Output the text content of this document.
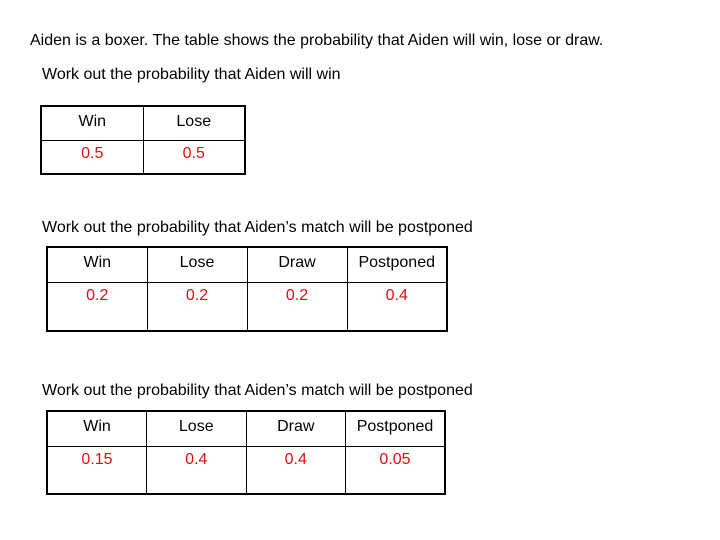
Aiden is a boxer. The table shows the probability that Aiden will win, lose or draw.
Work out the probability that Aiden will win
Win	Lose
0.5	0.5
Work out the probability that Aiden’s match will be postponed
Win	Lose	Draw	Postponed
0.2	0.2	0.2	0.4
Work out the probability that Aiden’s match will be postponed
Win	Lose	Draw	Postponed
0.15	0.4	0.4	0.05
